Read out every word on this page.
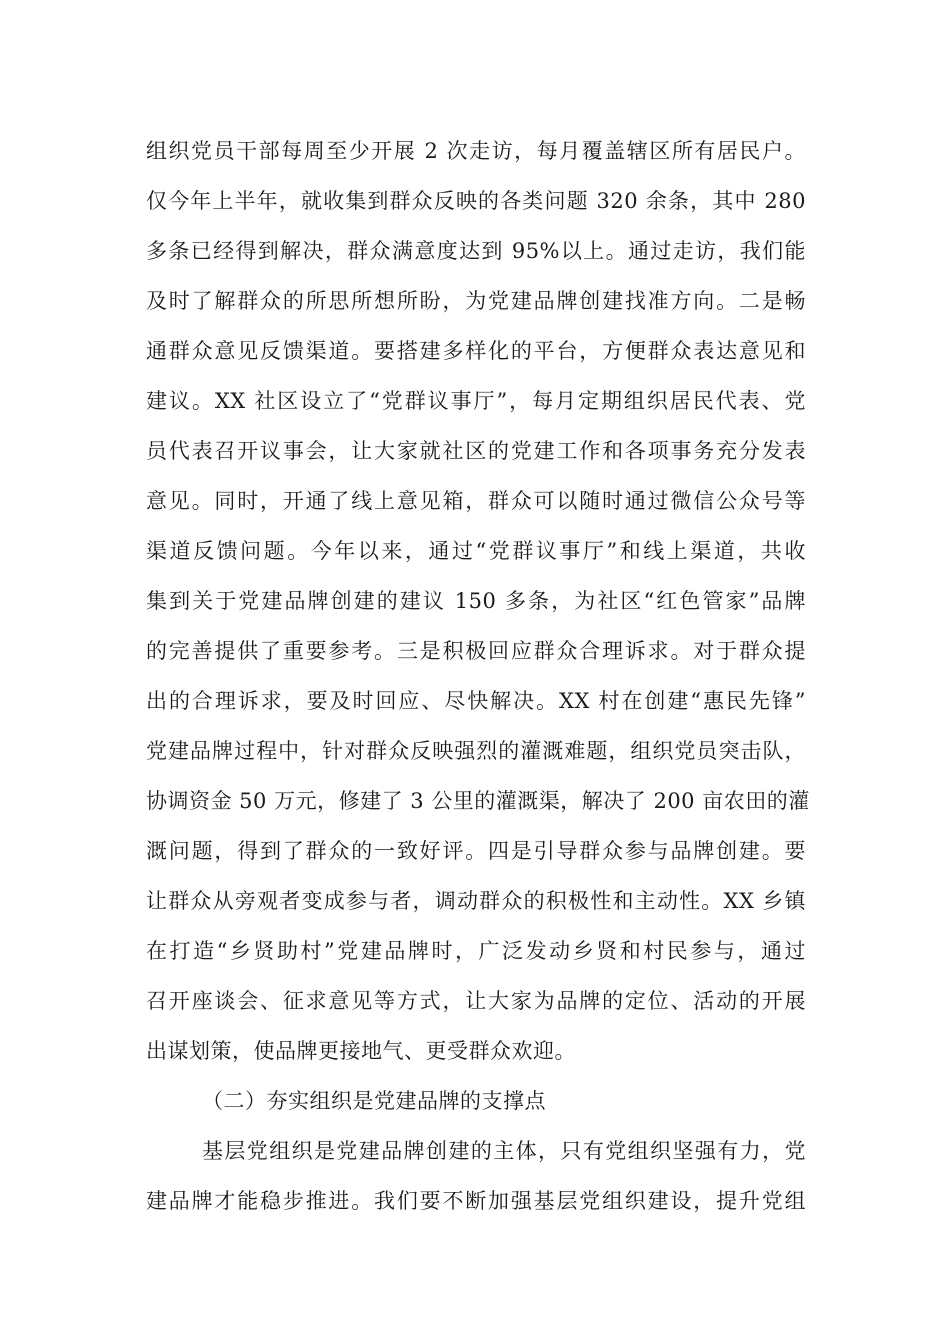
组织党员干部每周至少开展 2 次走访，每月覆盖辖区所有居民户。
仅今年上半年，就收集到群众反映的各类问题 320 余条，其中 280
多条已经得到解决，群众满意度达到 95%以上。通过走访，我们能
及时了解群众的所思所想所盼，为党建品牌创建找准方向。二是畅
通群众意见反馈渠道。要搭建多样化的平台，方便群众表达意见和
建议。XX 社区设立了“党群议事厅”，每月定期组织居民代表、党
员代表召开议事会，让大家就社区的党建工作和各项事务充分发表
意见。同时，开通了线上意见箱，群众可以随时通过微信公众号等
渠道反馈问题。今年以来，通过“党群议事厅”和线上渠道，共收
集到关于党建品牌创建的建议 150 多条，为社区“红色管家”品牌
的完善提供了重要参考。三是积极回应群众合理诉求。对于群众提
出的合理诉求，要及时回应、尽快解决。XX 村在创建“惠民先锋”
党建品牌过程中，针对群众反映强烈的灌溉难题，组织党员突击队，
协调资金 50 万元，修建了 3 公里的灌溉渠，解决了 200 亩农田的灌
溉问题，得到了群众的一致好评。四是引导群众参与品牌创建。要
让群众从旁观者变成参与者，调动群众的积极性和主动性。XX 乡镇
在打造“乡贤助村”党建品牌时，广泛发动乡贤和村民参与，通过
召开座谈会、征求意见等方式，让大家为品牌的定位、活动的开展
出谋划策，使品牌更接地气、更受群众欢迎。
（二）夯实组织是党建品牌的支撑点
基层党组织是党建品牌创建的主体，只有党组织坚强有力，党
建品牌才能稳步推进。我们要不断加强基层党组织建设，提升党组
